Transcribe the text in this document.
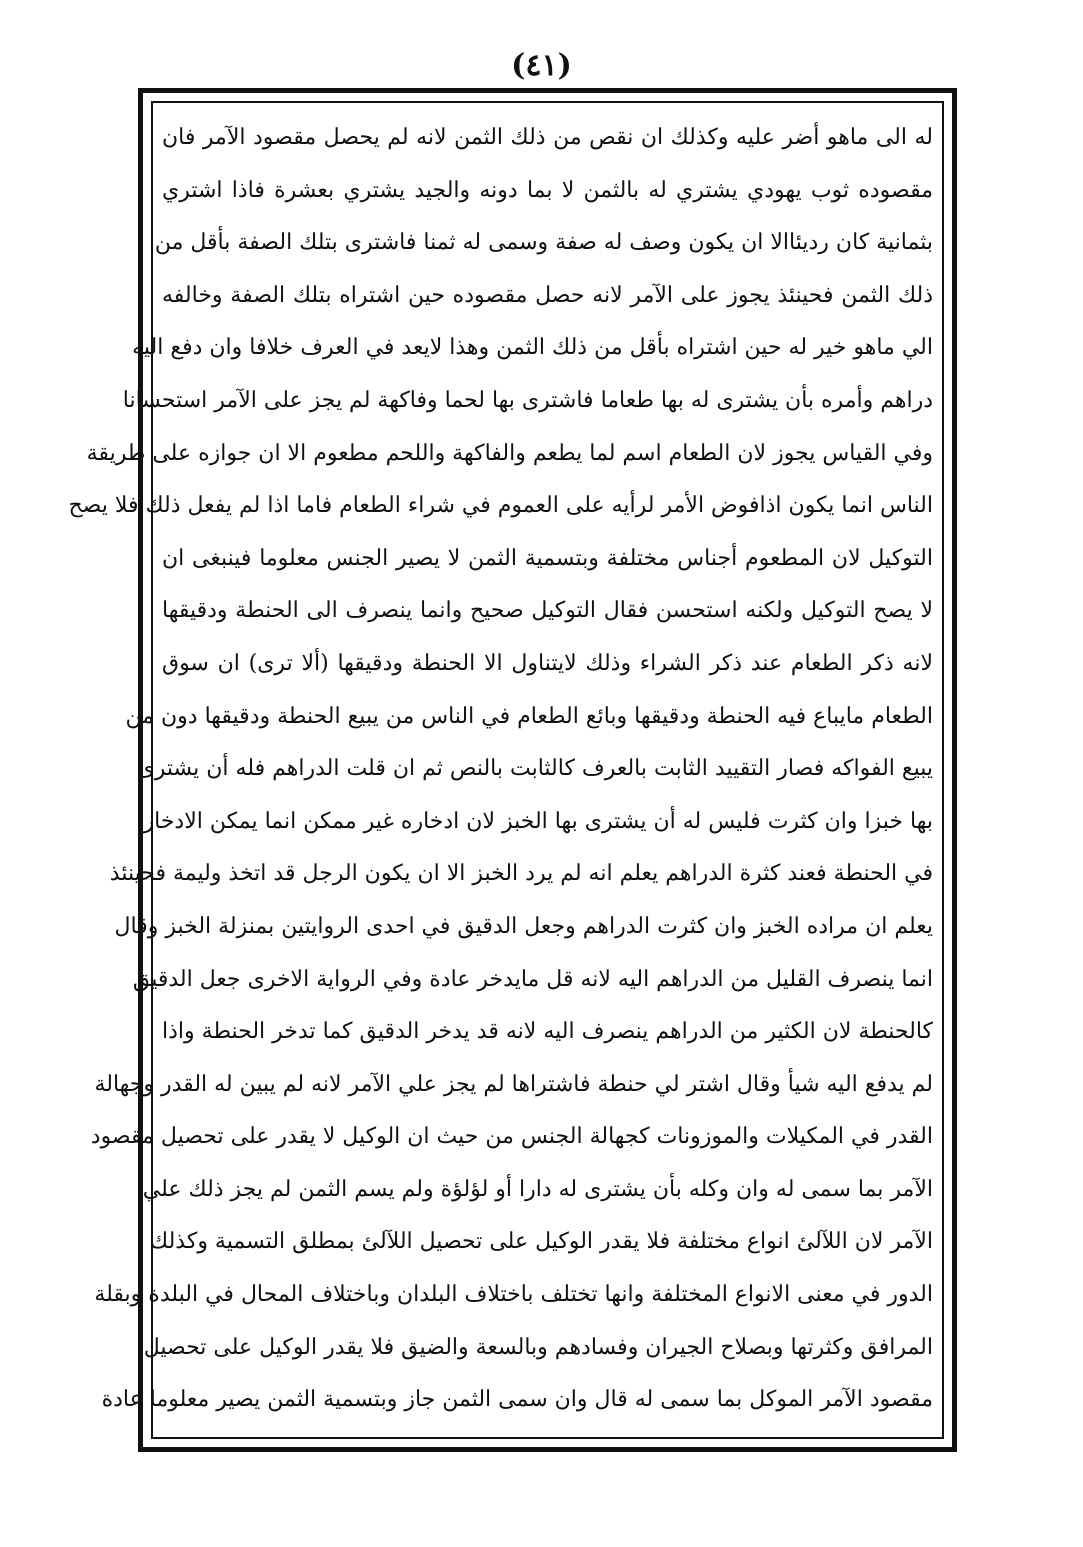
(٤١)
له الى ماهو أضر عليه وكذلك ان نقص من ذلك الثمن لانه لم يحصل مقصود الآمر فان
مقصوده ثوب يهودي يشتري له بالثمن لا بما دونه والجيد يشتري بعشرة فاذا اشتري
بثمانية كان رديئاالا ان يكون وصف له صفة وسمى له ثمنا فاشترى بتلك الصفة بأقل من
ذلك الثمن فحينئذ يجوز على الآمر لانه حصل مقصوده حين اشتراه بتلك الصفة وخالفه
الي ماهو خير له حين اشتراه بأقل من ذلك الثمن وهذا لايعد في العرف خلافا وان دفع اليه
دراهم وأمره بأن يشترى له بها طعاما فاشترى بها لحما وفاكهة لم يجز على الآمر استحسانا
وفي القياس يجوز لان الطعام اسم لما يطعم والفاكهة واللحم مطعوم الا ان جوازه على طريقة
الناس انما يكون اذافوض الأمر لرأيه على العموم في شراء الطعام فاما اذا لم يفعل ذلك فلا يصح
التوكيل لان المطعوم أجناس مختلفة وبتسمية الثمن لا يصير الجنس معلوما فينبغى ان
لا يصح التوكيل ولكنه استحسن فقال التوكيل صحيح وانما ينصرف الى الحنطة ودقيقها
لانه ذكر الطعام عند ذكر الشراء وذلك لايتناول الا الحنطة ودقيقها (ألا ترى) ان سوق
الطعام مايباع فيه الحنطة ودقيقها وبائع الطعام في الناس من يبيع الحنطة ودقيقها دون من
يبيع الفواكه فصار التقييد الثابت بالعرف كالثابت بالنص ثم ان قلت الدراهم فله أن يشترى
بها خبزا وان كثرت فليس له أن يشترى بها الخبز لان ادخاره غير ممكن انما يمكن الادخار
في الحنطة فعند كثرة الدراهم يعلم انه لم يرد الخبز الا ان يكون الرجل قد اتخذ وليمة فحينئذ
يعلم ان مراده الخبز وان كثرت الدراهم وجعل الدقيق في احدى الروايتين بمنزلة الخبز وقال
انما ينصرف القليل من الدراهم اليه لانه قل مايدخر عادة وفي الرواية الاخرى جعل الدقيق
كالحنطة لان الكثير من الدراهم ينصرف اليه لانه قد يدخر الدقيق كما تدخر الحنطة واذا
لم يدفع اليه شيأ وقال اشتر لي حنطة فاشتراها لم يجز علي الآمر لانه لم يبين له القدر وجهالة
القدر في المكيلات والموزونات كجهالة الجنس من حيث ان الوكيل لا يقدر على تحصيل مقصود
الآمر بما سمى له وان وكله بأن يشترى له دارا أو لؤلؤة ولم يسم الثمن لم يجز ذلك علي
الآمر لان اللآلئ انواع مختلفة فلا يقدر الوكيل على تحصيل اللآلئ بمطلق التسمية وكذلك
الدور في معنى الانواع المختلفة وانها تختلف باختلاف البلدان وباختلاف المحال في البلدة وبقلة
المرافق وكثرتها وبصلاح الجيران وفسادهم وبالسعة والضيق فلا يقدر الوكيل على تحصيل
مقصود الآمر الموكل بما سمى له قال وان سمى الثمن جاز وبتسمية الثمن يصير معلوما عادة
